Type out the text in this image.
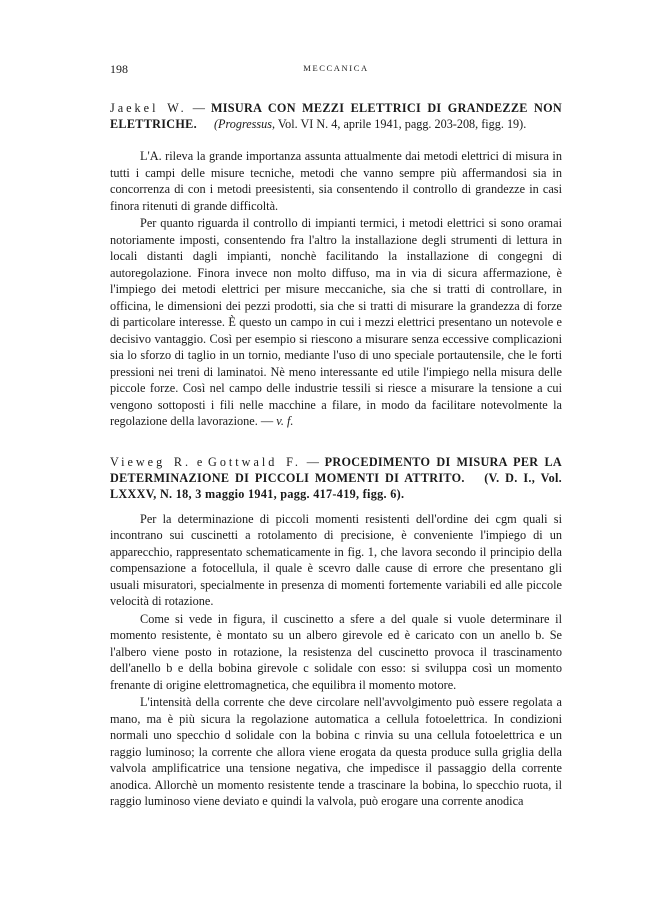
198	MECCANICA
Jaekel W. — MISURA CON MEZZI ELETTRICI DI GRANDEZZE NON ELETTRICHE. (Progressus, Vol. VI N. 4, aprile 1941, pagg. 203-208, figg. 19).

L'A. rileva la grande importanza assunta attualmente dai metodi elettrici di misura in tutti i campi delle misure tecniche, metodi che vanno sempre più affermandosi sia in concorrenza di con i metodi preesistenti, sia consentendo il controllo di grandezze in casi finora ritenuti di grande difficoltà.

Per quanto riguarda il controllo di impianti termici, i metodi elettrici si sono oramai notoriamente imposti, consentendo fra l'altro la installazione degli strumenti di lettura in locali distanti dagli impianti, nonchè facilitando la installazione di congegni di autoregolazione. Finora invece non molto diffuso, ma in via di sicura affermazione, è l'impiego dei metodi elettrici per misure meccaniche, sia che si tratti di controllare, in officina, le dimensioni dei pezzi prodotti, sia che si tratti di misurare la grandezza di forze di particolare interesse. È questo un campo in cui i mezzi elettrici presentano un notevole e decisivo vantaggio. Così per esempio si riescono a misurare senza eccessive complicazioni sia lo sforzo di taglio in un tornio, mediante l'uso di uno speciale portautensile, che le forti pressioni nei treni di laminatoi. Nè meno interessante ed utile l'impiego nella misura delle piccole forze. Così nel campo delle industrie tessili si riesce a misurare la tensione a cui vengono sottoposti i fili nelle macchine a filare, in modo da facilitare notevolmente la regolazione della lavorazione. — v. f.

Vieweg R. e Gottwald F. — PROCEDIMENTO DI MISURA PER LA DETERMINAZIONE DI PICCOLI MOMENTI DI ATTRITO. (V. D. I., Vol. LXXXV, N. 18, 3 maggio 1941, pagg. 417-419, figg. 6).

Per la determinazione di piccoli momenti resistenti dell'ordine dei cgm quali si incontrano sui cuscinetti a rotolamento di precisione, è conveniente l'impiego di un apparecchio, rappresentato schematicamente in fig. 1, che lavora secondo il principio della compensazione a fotocellula, il quale è scevro dalle cause di errore che presentano gli usuali misuratori, specialmente in presenza di momenti fortemente variabili ed alle piccole velocità di rotazione.

Come si vede in figura, il cuscinetto a sfere a del quale si vuole determinare il momento resistente, è montato su un albero girevole ed è caricato con un anello b. Se l'albero viene posto in rotazione, la resistenza del cuscinetto provoca il trascinamento dell'anello b e della bobina girevole c solidale con esso: si sviluppa così un momento frenante di origine elettromagnetica, che equilibra il momento motore.

L'intensità della corrente che deve circolare nell'avvolgimento può essere regolata a mano, ma è più sicura la regolazione automatica a cellula fotoelettrica. In condizioni normali uno specchio d solidale con la bobina c rinvia su una cellula fotoelettrica e un raggio luminoso; la corrente che allora viene erogata da questa produce sulla griglia della valvola amplificatrice una tensione negativa, che impedisce il passaggio della corrente anodica. Allorchè un momento resistente tende a trascinare la bobina, lo specchio ruota, il raggio luminoso viene deviato e quindi la valvola, può erogare una corrente anodica
